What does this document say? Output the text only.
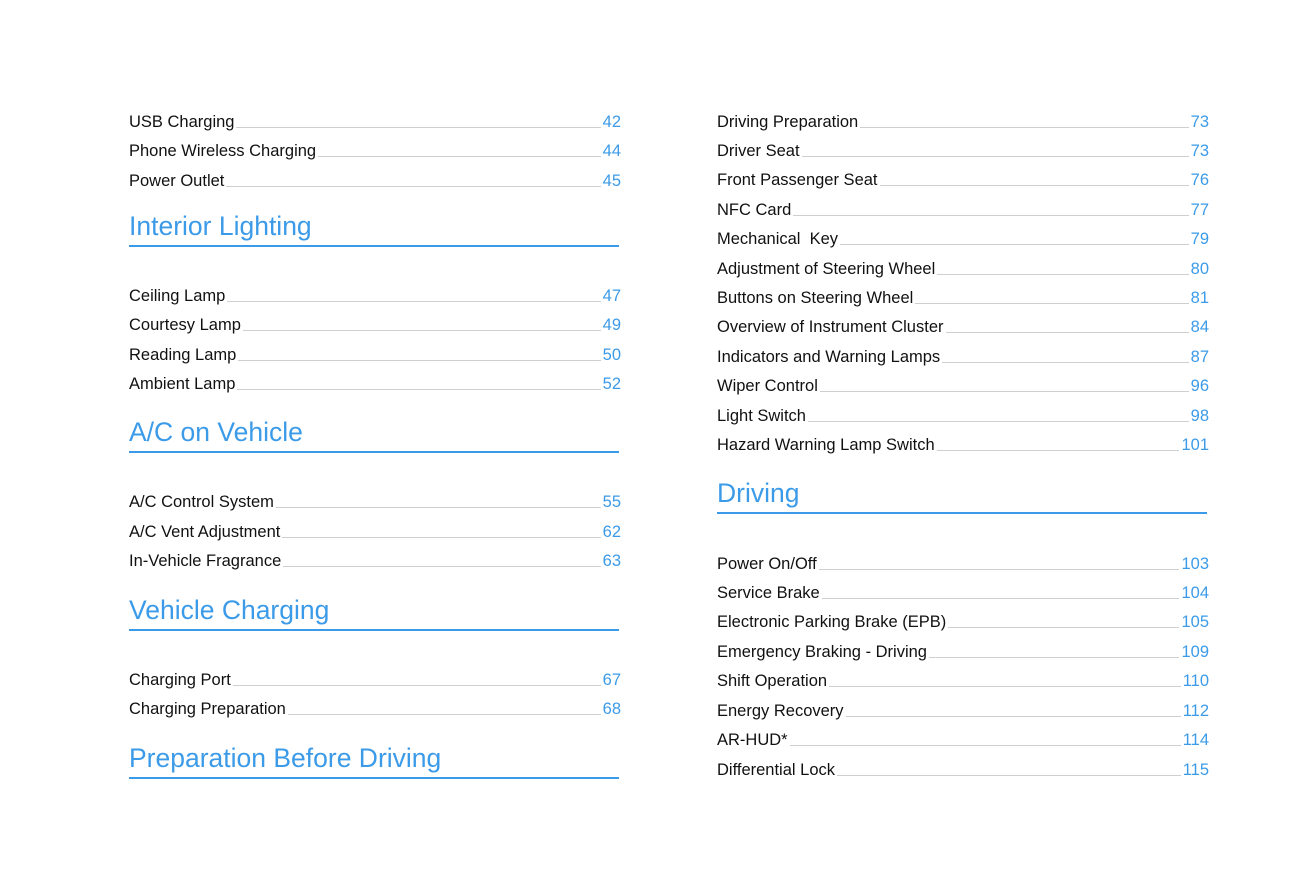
USB Charging	42
Phone Wireless Charging	44
Power Outlet	45
Interior Lighting
Ceiling Lamp	47
Courtesy Lamp	49
Reading Lamp	50
Ambient Lamp	52
A/C on Vehicle
A/C Control System	55
A/C Vent Adjustment	62
In-Vehicle Fragrance	63
Vehicle Charging
Charging Port	67
Charging Preparation	68
Preparation Before Driving
Driving Preparation	73
Driver Seat	73
Front Passenger Seat	76
NFC Card	77
Mechanical  Key	79
Adjustment of Steering Wheel	80
Buttons on Steering Wheel	81
Overview of Instrument Cluster	84
Indicators and Warning Lamps	87
Wiper Control	96
Light Switch	98
Hazard Warning Lamp Switch	101
Driving
Power On/Off	103
Service Brake	104
Electronic Parking Brake (EPB)	105
Emergency Braking - Driving	109
Shift Operation	110
Energy Recovery	112
AR-HUD*	114
Differential Lock	115
